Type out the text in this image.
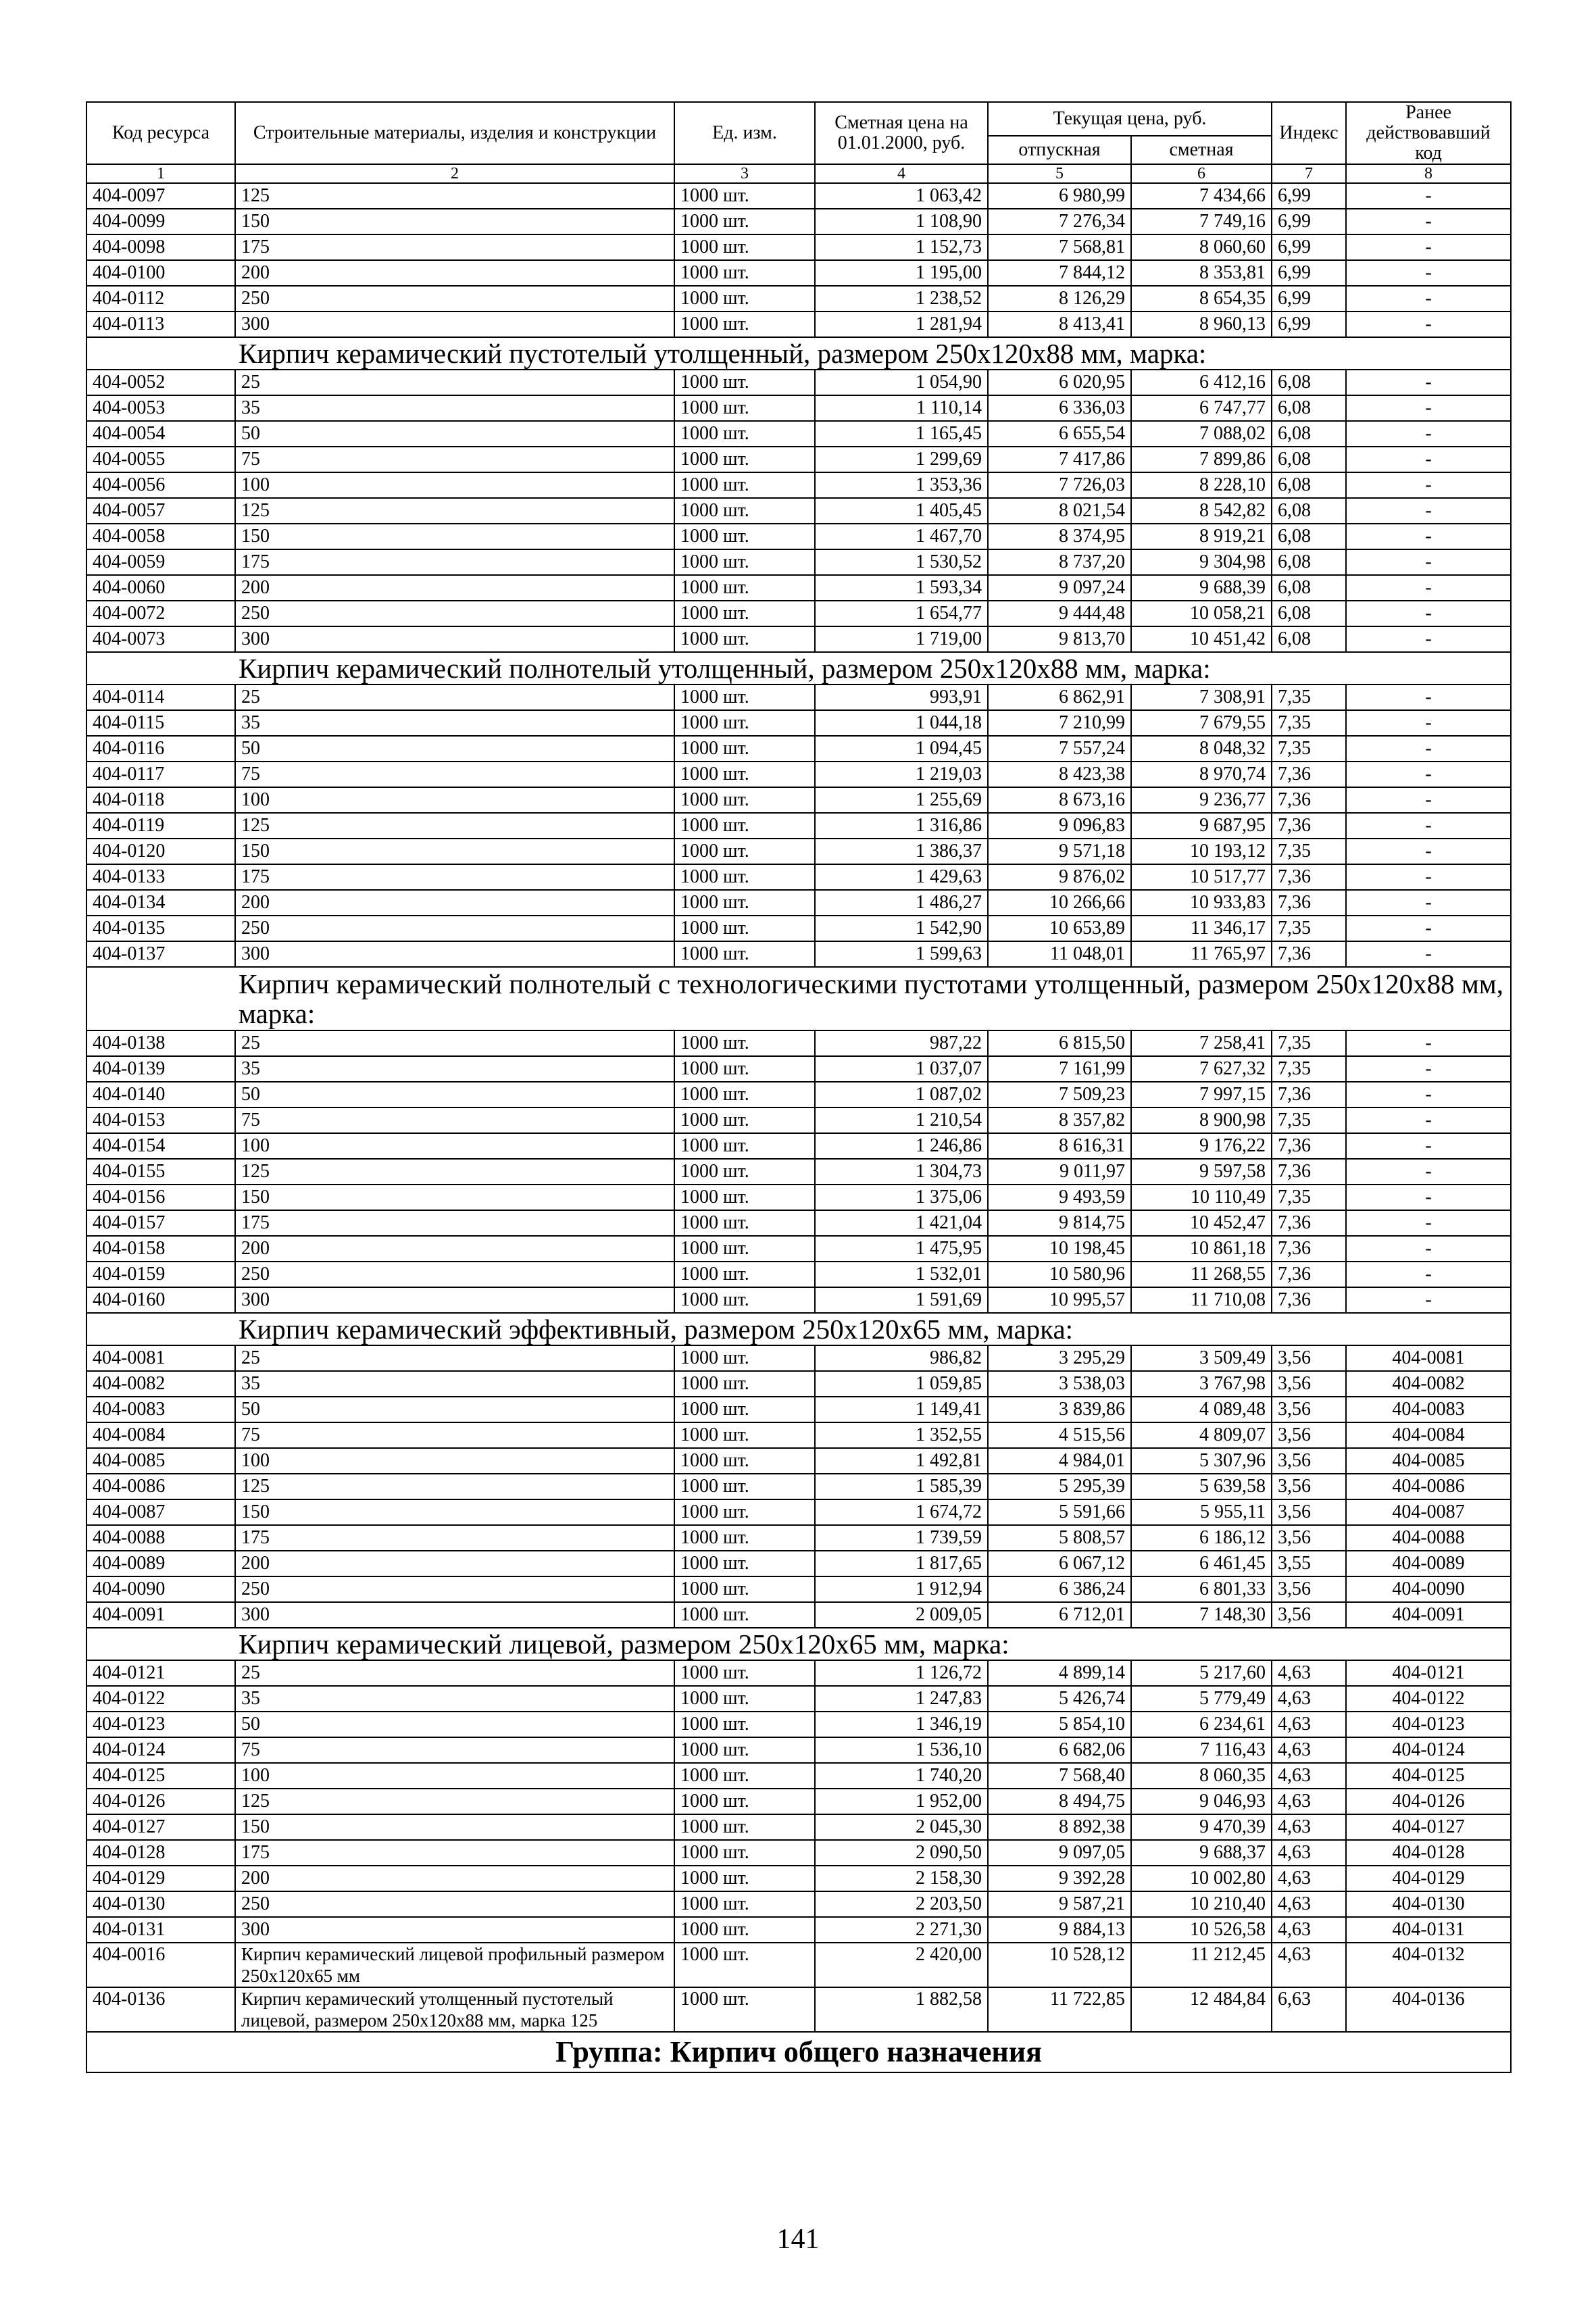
Код ресурса	Строительные материалы, изделия и конструкции	Ед. изм.	Сметная цена на 01.01.2000, руб.	Текущая цена, руб.		Индекс	Ранее действовавший код
				отпускная	сметная		
1	2	3	4	5	6	7	8
404-0097	125	1000 шт.	1 063,42	6 980,99	7 434,66	6,99	-
404-0099	150	1000 шт.	1 108,90	7 276,34	7 749,16	6,99	-
404-0098	175	1000 шт.	1 152,73	7 568,81	8 060,60	6,99	-
404-0100	200	1000 шт.	1 195,00	7 844,12	8 353,81	6,99	-
404-0112	250	1000 шт.	1 238,52	8 126,29	8 654,35	6,99	-
404-0113	300	1000 шт.	1 281,94	8 413,41	8 960,13	6,99	-
Кирпич керамический пустотелый утолщенный, размером 250x120x88 мм, марка:							
404-0052	25	1000 шт.	1 054,90	6 020,95	6 412,16	6,08	-
404-0053	35	1000 шт.	1 110,14	6 336,03	6 747,77	6,08	-
404-0054	50	1000 шт.	1 165,45	6 655,54	7 088,02	6,08	-
404-0055	75	1000 шт.	1 299,69	7 417,86	7 899,86	6,08	-
404-0056	100	1000 шт.	1 353,36	7 726,03	8 228,10	6,08	-
404-0057	125	1000 шт.	1 405,45	8 021,54	8 542,82	6,08	-
404-0058	150	1000 шт.	1 467,70	8 374,95	8 919,21	6,08	-
404-0059	175	1000 шт.	1 530,52	8 737,20	9 304,98	6,08	-
404-0060	200	1000 шт.	1 593,34	9 097,24	9 688,39	6,08	-
404-0072	250	1000 шт.	1 654,77	9 444,48	10 058,21	6,08	-
404-0073	300	1000 шт.	1 719,00	9 813,70	10 451,42	6,08	-
Кирпич керамический полнотелый утолщенный, размером 250x120x88 мм, марка:							
404-0114	25	1000 шт.	993,91	6 862,91	7 308,91	7,35	-
404-0115	35	1000 шт.	1 044,18	7 210,99	7 679,55	7,35	-
404-0116	50	1000 шт.	1 094,45	7 557,24	8 048,32	7,35	-
404-0117	75	1000 шт.	1 219,03	8 423,38	8 970,74	7,36	-
404-0118	100	1000 шт.	1 255,69	8 673,16	9 236,77	7,36	-
404-0119	125	1000 шт.	1 316,86	9 096,83	9 687,95	7,36	-
404-0120	150	1000 шт.	1 386,37	9 571,18	10 193,12	7,35	-
404-0133	175	1000 шт.	1 429,63	9 876,02	10 517,77	7,36	-
404-0134	200	1000 шт.	1 486,27	10 266,66	10 933,83	7,36	-
404-0135	250	1000 шт.	1 542,90	10 653,89	11 346,17	7,35	-
404-0137	300	1000 шт.	1 599,63	11 048,01	11 765,97	7,36	-
Кирпич керамический полнотелый с технологическими пустотами утолщенный, размером 250x120x88 мм, марка:							
404-0138	25	1000 шт.	987,22	6 815,50	7 258,41	7,35	-
404-0139	35	1000 шт.	1 037,07	7 161,99	7 627,32	7,35	-
404-0140	50	1000 шт.	1 087,02	7 509,23	7 997,15	7,36	-
404-0153	75	1000 шт.	1 210,54	8 357,82	8 900,98	7,35	-
404-0154	100	1000 шт.	1 246,86	8 616,31	9 176,22	7,36	-
404-0155	125	1000 шт.	1 304,73	9 011,97	9 597,58	7,36	-
404-0156	150	1000 шт.	1 375,06	9 493,59	10 110,49	7,35	-
404-0157	175	1000 шт.	1 421,04	9 814,75	10 452,47	7,36	-
404-0158	200	1000 шт.	1 475,95	10 198,45	10 861,18	7,36	-
404-0159	250	1000 шт.	1 532,01	10 580,96	11 268,55	7,36	-
404-0160	300	1000 шт.	1 591,69	10 995,57	11 710,08	7,36	-
Кирпич керамический эффективный, размером 250x120x65 мм, марка:							
404-0081	25	1000 шт.	986,82	3 295,29	3 509,49	3,56	404-0081
404-0082	35	1000 шт.	1 059,85	3 538,03	3 767,98	3,56	404-0082
404-0083	50	1000 шт.	1 149,41	3 839,86	4 089,48	3,56	404-0083
404-0084	75	1000 шт.	1 352,55	4 515,56	4 809,07	3,56	404-0084
404-0085	100	1000 шт.	1 492,81	4 984,01	5 307,96	3,56	404-0085
404-0086	125	1000 шт.	1 585,39	5 295,39	5 639,58	3,56	404-0086
404-0087	150	1000 шт.	1 674,72	5 591,66	5 955,11	3,56	404-0087
404-0088	175	1000 шт.	1 739,59	5 808,57	6 186,12	3,56	404-0088
404-0089	200	1000 шт.	1 817,65	6 067,12	6 461,45	3,55	404-0089
404-0090	250	1000 шт.	1 912,94	6 386,24	6 801,33	3,56	404-0090
404-0091	300	1000 шт.	2 009,05	6 712,01	7 148,30	3,56	404-0091
Кирпич керамический лицевой, размером 250x120x65 мм, марка:							
404-0121	25	1000 шт.	1 126,72	4 899,14	5 217,60	4,63	404-0121
404-0122	35	1000 шт.	1 247,83	5 426,74	5 779,49	4,63	404-0122
404-0123	50	1000 шт.	1 346,19	5 854,10	6 234,61	4,63	404-0123
404-0124	75	1000 шт.	1 536,10	6 682,06	7 116,43	4,63	404-0124
404-0125	100	1000 шт.	1 740,20	7 568,40	8 060,35	4,63	404-0125
404-0126	125	1000 шт.	1 952,00	8 494,75	9 046,93	4,63	404-0126
404-0127	150	1000 шт.	2 045,30	8 892,38	9 470,39	4,63	404-0127
404-0128	175	1000 шт.	2 090,50	9 097,05	9 688,37	4,63	404-0128
404-0129	200	1000 шт.	2 158,30	9 392,28	10 002,80	4,63	404-0129
404-0130	250	1000 шт.	2 203,50	9 587,21	10 210,40	4,63	404-0130
404-0131	300	1000 шт.	2 271,30	9 884,13	10 526,58	4,63	404-0131
404-0016	Кирпич керамический лицевой профильный размером 250x120x65 мм	1000 шт.	2 420,00	10 528,12	11 212,45	4,63	404-0132
404-0136	Кирпич керамический утолщенный пустотелый лицевой, размером 250x120x88 мм, марка 125	1000 шт.	1 882,58	11 722,85	12 484,84	6,63	404-0136
Группа: Кирпич общего назначения							
141
